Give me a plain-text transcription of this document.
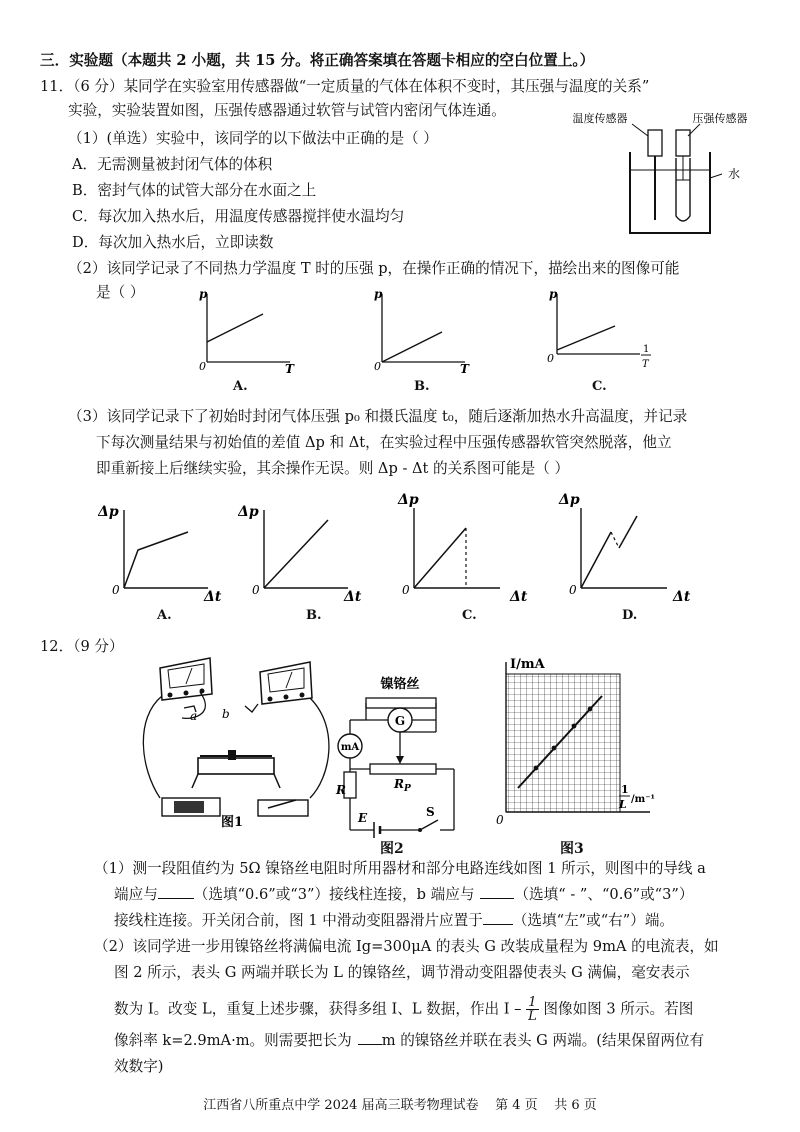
三．实验题（本题共 2 小题，共 15 分。将正确答案填在答题卡相应的空白位置上。）
11．（6 分）某同学在实验室用传感器做“一定质量的气体在体积不变时，其压强与温度的关系”
实验，实验装置如图，压强传感器通过软管与试管内密闭气体连通。
（1）(单选）实验中，该同学的以下做法中正确的是（ ）
A．无需测量被封闭气体的体积
B．密封气体的试管大部分在水面之上
C．每次加入热水后，用温度传感器搅拌使水温均匀
D．每次加入热水后，立即读数
温度传感器	压强传感器
水
（2）该同学记录了不同热力学温度 T 时的压强 p，在操作正确的情况下，描绘出来的图像可能
是（ ）	p
T
0
A.
p
T
0
B.
p
1
T
0
C.
（3）该同学记录下了初始时封闭气体压强 p₀ 和摄氏温度 t₀，随后逐渐加热水升高温度，并记录
下每次测量结果与初始值的差值 Δp 和 Δt，在实验过程中压强传感器软管突然脱落，他立
即重新接上后继续实验，其余操作无误。则 Δp - Δt 的关系图可能是（ ）
Δp
Δt
0
A.
Δp
Δt
0
B.
Δp
Δt
0
C.
Δp
Δt
0
D.
12．（9 分）
a b
图1
镍铬丝
G
mA
R	$R_P$
E	S
图2
I/mA
0
1
L /m⁻¹
图3
（1）测一段阻值约为 5Ω 镍铬丝电阻时所用器材和部分电路连线如图 1 所示，则图中的导线 a
端应与 （选填“0.6”或“3”）接线柱连接，b 端应与	（选填“ - ”、“0.6”或“3”）
接线柱连接。开关闭合前，图 1 中滑动变阻器滑片应置于 （选填“左”或“右”）端。
（2）该同学进一步用镍铬丝将满偏电流 Ig=300μA 的表头 G 改装成量程为 9mA 的电流表，如
图 2 所示，表头 G 两端并联长为 L 的镍铬丝，调节滑动变阻器使表头 G 满偏，毫安表示
数为 I。改变 L，重复上述步骤，获得多组 I、L 数据，作出 I – $\frac{1}{L}$ 图像如图 3 所示。若图
像斜率 k=2.9mA·m。则需要把长为 m 的镍铬丝并联在表头 G 两端。(结果保留两位有
效数字)
江西省八所重点中学 2024 届高三联考物理试卷 第 4 页 共 6 页
